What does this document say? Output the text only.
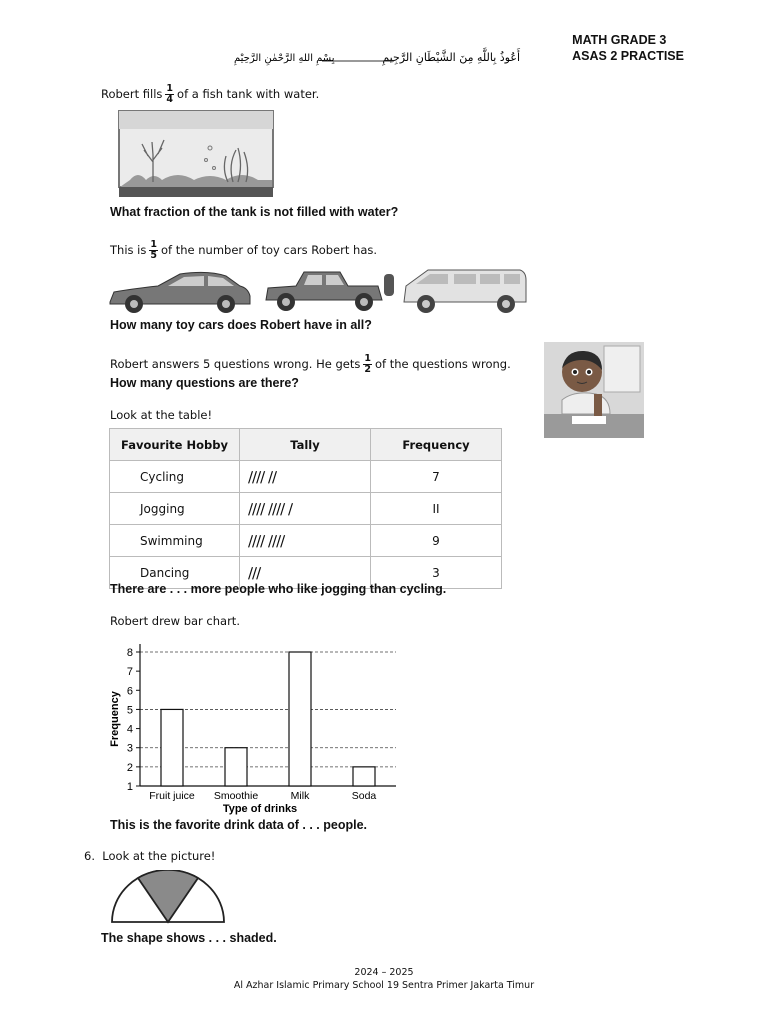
MATH GRADE 3
ASAS 2 PRACTISE
أَعُوذُ بِاللَّهِ مِنَ الشَّيْطَانِ الرَّجِيمِ
بِسْمِ اللهِ الرَّحْمٰنِ الرَّحِيْمِ
Robert fills $\frac{1}{4}$ of a fish tank with water.
What fraction of the tank is not filled with water?
This is $\frac{1}{5}$ of the number of toy cars Robert has.
How many toy cars does Robert have in all?
Robert answers 5 questions wrong. He gets $\frac{1}{2}$ of the questions wrong.
How many questions are there?
Look at the table!
Favourite Hobby	Tally	Frequency
Cycling	∕∕∕∕ ∕∕	7
Jogging	∕∕∕∕ ∕∕∕∕ ∕	II
Swimming	∕∕∕∕ ∕∕∕∕	9
Dancing	∕∕∕	3
There are . . . more people who like jogging than cycling.
Robert drew bar chart.
1
2
3
4
5
6
7
8
Fruit juice Smoothie	Milk	Soda
Type of drinks
Frequency
This is the favorite drink data of . . . people.
6. Look at the picture!
The shape shows . . . shaded.
2024 – 2025
Al Azhar Islamic Primary School 19 Sentra Primer Jakarta Timur
